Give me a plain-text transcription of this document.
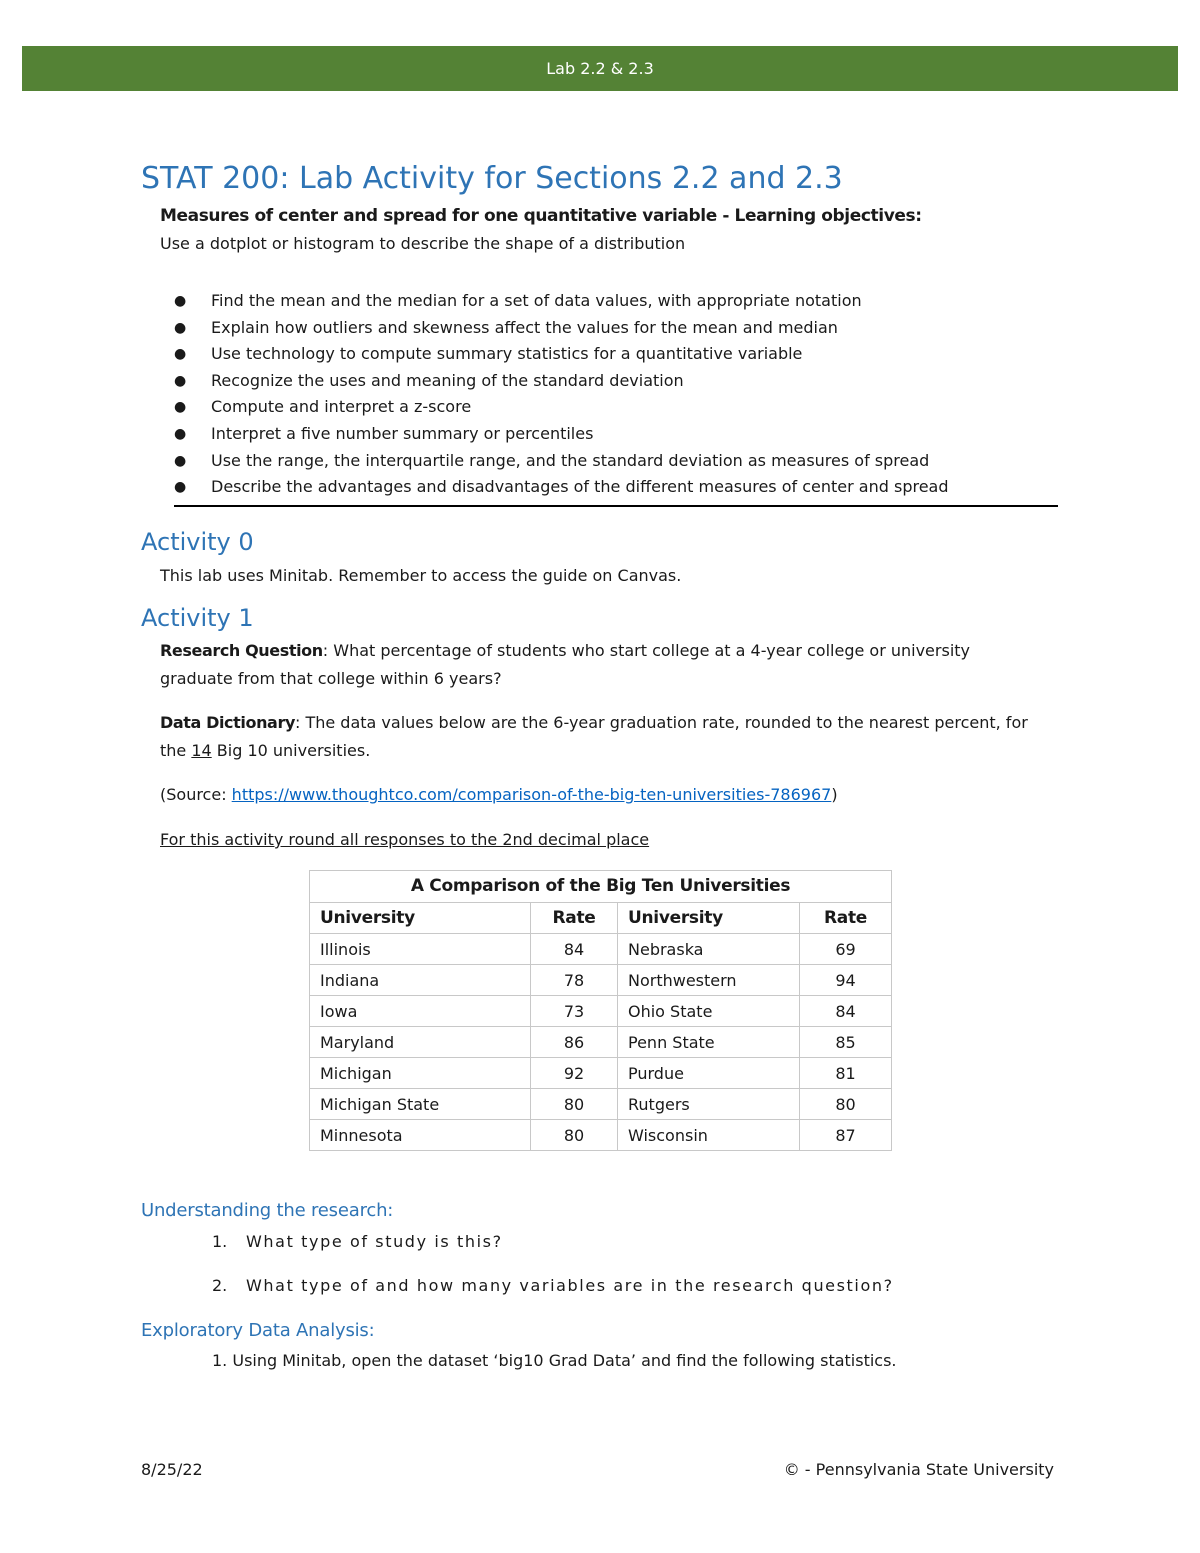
Lab 2.2 & 2.3
STAT 200: Lab Activity for Sections 2.2 and 2.3

Measures of center and spread for one quantitative variable - Learning objectives:

Use a dotplot or histogram to describe the shape of a distribution

● Find the mean and the median for a set of data values, with appropriate notation
● Explain how outliers and skewness affect the values for the mean and median
● Use technology to compute summary statistics for a quantitative variable
● Recognize the uses and meaning of the standard deviation
● Compute and interpret a z-score
● Interpret a five number summary or percentiles
● Use the range, the interquartile range, and the standard deviation as measures of spread
● Describe the advantages and disadvantages of the different measures of center and spread
Activity 0

This lab uses Minitab. Remember to access the guide on Canvas.

Activity 1

Research Question: What percentage of students who start college at a 4-year college or university graduate from that college within 6 years?

Data Dictionary: The data values below are the 6-year graduation rate, rounded to the nearest percent, for the 14 Big 10 universities.

(Source: https://www.thoughtco.com/comparison-of-the-big-ten-universities-786967)

For this activity round all responses to the 2nd decimal place

A Comparison of the Big Ten Universities
University	Rate	University	Rate
Illinois	84	Nebraska	69
Indiana	78	Northwestern	94
Iowa	73	Ohio State	84
Maryland	86	Penn State	85
Michigan	92	Purdue	81
Michigan State	80	Rutgers	80
Minnesota	80	Wisconsin	87
Understanding the research:

1. What type of study is this?

2. What type of and how many variables are in the research question?

Exploratory Data Analysis:

1. Using Minitab, open the dataset ‘big10 Grad Data’ and find the following statistics.

8/25/22	© - Pennsylvania State University
